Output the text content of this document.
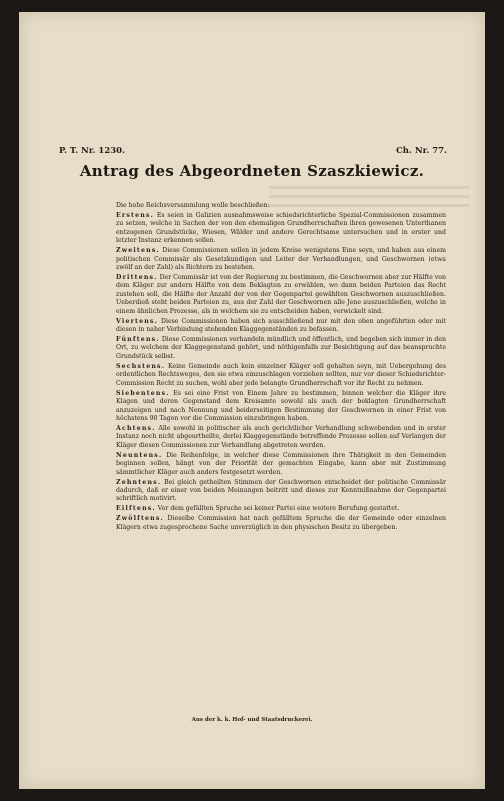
P. T. Nr. 1230.	Ch. Nr. 77.
Antrag des Abgeordneten Szaszkiewicz.

Die hohe Reichsversammlung wolle beschließen:

Erstens. Es seien in Galizien ausnahmsweise schiedsrichterliche Spezial-Commissionen zusammen zu setzen, welche in Sachen der von den ehemaligen Grundherrschaften ihren gewesenen Unterthanen entzogenen Grundstücke, Wiesen, Wälder und andere Gerechtsame untersuchen und in erster und letzter Instanz erkennen sollen.

Zweitens. Diese Commissionen sollen in jedem Kreise wenigstens Eine seyn, und haben aus einem politischen Commissär als Gesetzkundigen und Leiter der Verhandlungen, und Geschwornen (etwa zwölf an der Zahl) als Richtern zu bestehen.

Drittens. Der Commissär ist von der Regierung zu bestimmen, die Geschwornen aber zur Hälfte von dem Kläger zur andern Hälfte von dem Beklagten zu erwählen, wo dann beiden Parteien das Recht zustehen soll, die Hälfte der Anzahl der von der Gegenpartei gewählten Geschwornen auszuschließen. Ueberdieß steht beiden Parteien zu, aus der Zahl der Geschwornen alle Jene auszuschließen, welche in einem ähnlichen Prozesse, als in welchem sie zu entscheiden haben, verwickelt sind.

Viertens. Diese Commissionen haben sich ausschließend nur mit den oben angeführten oder mit diesen in naher Verbindung stehenden Klaggegenständen zu befassen.

Fünftens. Diese Commissionen verhandeln mündlich und öffentlich, und begeben sich immer in den Ort, zu welchem der Klaggegenstand gehört, und nöthigenfalls zur Besichtigung auf das beanspruchte Grundstück selbst.

Sechstens. Keine Gemeinde auch kein einzelner Kläger soll gehalten seyn, mit Uebergehung des ordentlichen Rechtsweges, den sie etwa einzuschlagen vorziehen sollten, nur vor dieser Schiedsrichter-Commission Recht zu suchen, wohl aber jede belangte Grundherrschaft vor ihr Recht zu nehmen.

Siebentens. Es sei eine Frist von Einem Jahre zu bestimmen, binnen welcher die Kläger ihre Klagen und deren Gegenstand dem Kreisamte sowohl als auch der beklagten Grundherrschaft anzuzeigen und nach Nennung und beiderseitigen Bestimmung der Geschwornen in einer Frist von höchstens 90 Tagen vor die Commission einzubringen haben.

Achtens. Alle sowohl in politischer als auch gerichtlicher Verhandlung schwebenden und in erster Instanz noch nicht abgeurtheilte, derlei Klaggegenstände betreffende Prozesse sollen auf Verlangen der Kläger diesen Commissionen zur Verhandlung abgetreten werden.

Neuntens. Die Reihenfolge, in welcher diese Commissionen ihre Thätigkeit in den Gemeinden beginnen sollen, hängt von der Priorität der gemachten Eingabe, kann aber mit Zustimmung sämmtlicher Kläger auch anders festgesetzt werden.

Zehntens. Bei gleich getheilten Stimmen der Geschwornen entscheidet der politische Commissär dadurch, daß er einer von beiden Meinungen beitritt und dieses zur Kenntnißnahme der Gegenpartei schriftlich motivirt.

Eilftens. Vor dem gefällten Spruche sei keiner Partei eine weitere Berufung gestattet.

Zwölftens. Dieselbe Commission hat nach gefälltem Spruche die der Gemeinde oder einzelnen Klägern etwa zugesprochene Sache unverzüglich in den physischen Besitz zu übergeben.

Aus der k. k. Hof- und Staatsdruckerei.
